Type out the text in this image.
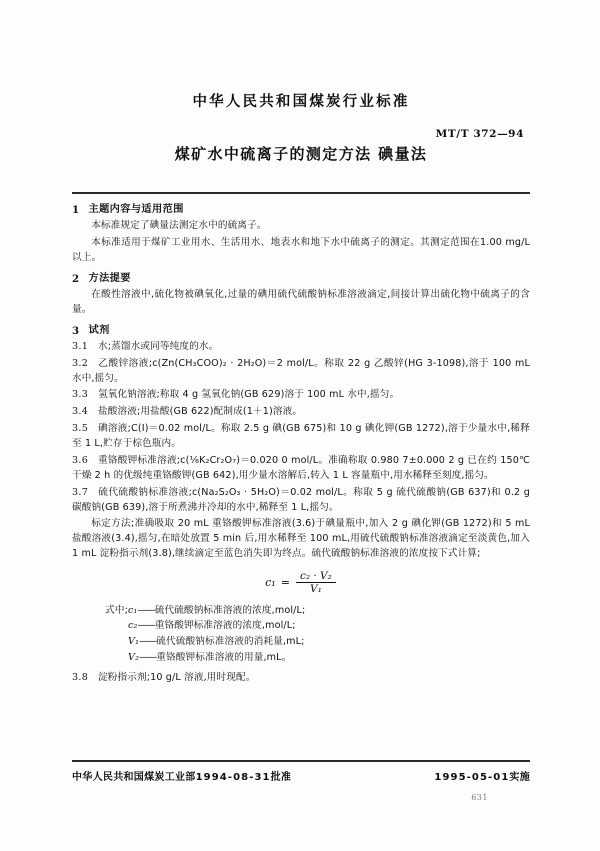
中华人民共和国煤炭行业标准
MT/T 372—94
煤矿水中硫离子的测定方法 碘量法
1 主题内容与适用范围

本标准规定了碘量法测定水中的硫离子。

本标准适用于煤矿工业用水、生活用水、地表水和地下水中硫离子的测定。其测定范围在1.00 mg/L以上。

2 方法提要

在酸性溶液中,硫化物被碘氧化,过量的碘用硫代硫酸钠标准溶液滴定,间接计算出硫化物中硫离子的含量。

3 试剂

3.1 水;蒸馏水或同等纯度的水。

3.2 乙酸锌溶液;c(Zn(CH₃COO)₂ · 2H₂O)＝2 mol/L。称取 22 g 乙酸锌(HG 3-1098),溶于 100 mL 水中,摇匀。

3.3 氢氧化钠溶液;称取 4 g 氢氧化钠(GB 629)溶于 100 mL 水中,摇匀。

3.4 盐酸溶液;用盐酸(GB 622)配制成(1＋1)溶液。

3.5 碘溶液;C(I)＝0.02 mol/L。称取 2.5 g 碘(GB 675)和 10 g 碘化钾(GB 1272),溶于少量水中,稀释至 1 L,贮存于棕色瓶内。

3.6 重铬酸钾标准溶液;c(⅙K₂Cr₂O₇)＝0.020 0 mol/L。准确称取 0.980 7±0.000 2 g 已在约 150℃干燥 2 h 的优级纯重铬酸钾(GB 642),用少量水溶解后,转入 1 L 容量瓶中,用水稀释至刻度,摇匀。

3.7 硫代硫酸钠标准溶液;c(Na₂S₂O₃ · 5H₂O)＝0.02 mol/L。称取 5 g 硫代硫酸钠(GB 637)和 0.2 g 碳酸钠(GB 639),溶于所煮沸并冷却的水中,稀释至 1 L,摇匀。

标定方法;准确吸取 20 mL 重铬酸钾标准溶液(3.6)于碘量瓶中,加入 2 g 碘化钾(GB 1272)和 5 mL 盐酸溶液(3.4),摇匀,在暗处放置 5 min 后,用水稀释至 100 mL,用硫代硫酸钠标准溶液滴定至淡黄色,加入 1 mL 淀粉指示剂(3.8),继续滴定至蓝色消失即为终点。硫代硫酸钠标准溶液的浓度按下式计算;

$c_1 = \frac{\text{c₂ · V₂}}{\text{V₁}}$
式中;c₁——硫代硫酸钠标准溶液的浓度,mol/L;
c₂——重铬酸钾标准溶液的浓度,mol/L;
V₁——硫代硫酸钠标准溶液的消耗量,mL;
V₂——重铬酸钾标准溶液的用量,mL。

3.8 淀粉指示剂;10 g/L 溶液,用时现配。

中华人民共和国煤炭工业部1994-08-31批准	1995-05-01实施
631
